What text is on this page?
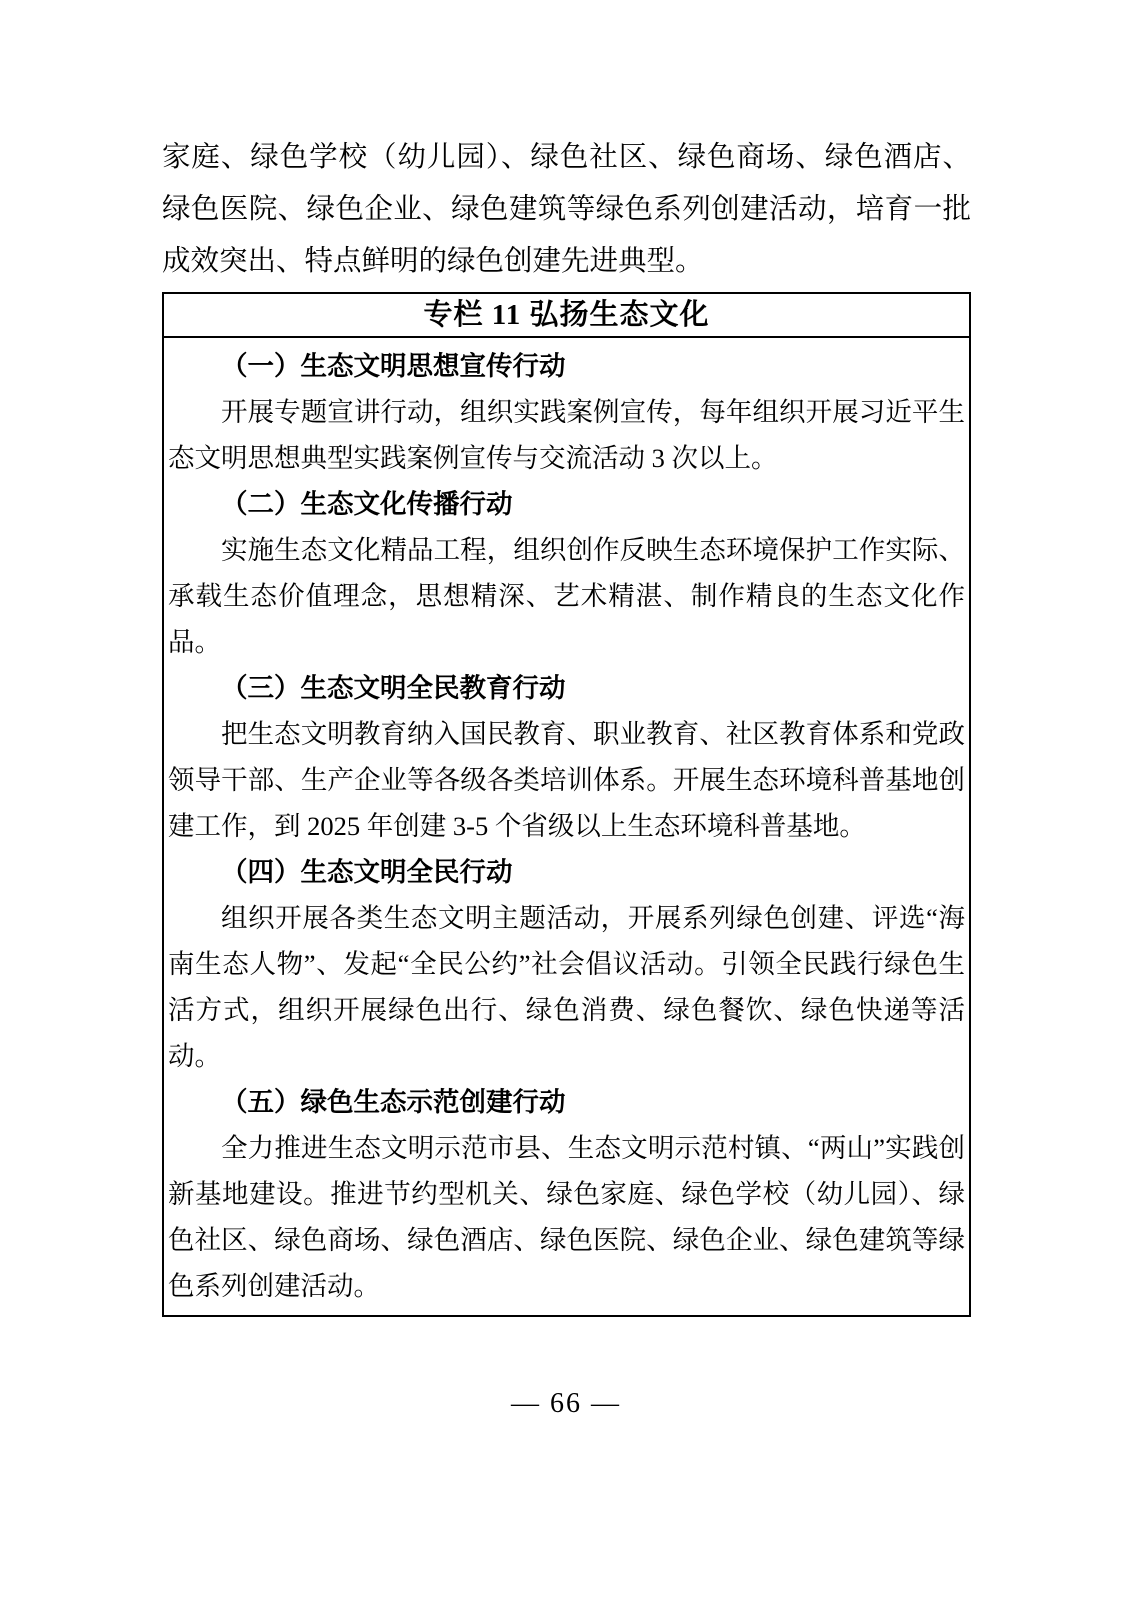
家庭、绿色学校（幼儿园）、绿色社区、绿色商场、绿色酒店、绿色医院、绿色企业、绿色建筑等绿色系列创建活动，培育一批成效突出、特点鲜明的绿色创建先进典型。

专栏 11 弘扬生态文化

（一）生态文明思想宣传行动

开展专题宣讲行动，组织实践案例宣传，每年组织开展习近平生态文明思想典型实践案例宣传与交流活动 3 次以上。

（二）生态文化传播行动

实施生态文化精品工程，组织创作反映生态环境保护工作实际、承载生态价值理念，思想精深、艺术精湛、制作精良的生态文化作品。

（三）生态文明全民教育行动

把生态文明教育纳入国民教育、职业教育、社区教育体系和党政领导干部、生产企业等各级各类培训体系。开展生态环境科普基地创建工作，到 2025 年创建 3-5 个省级以上生态环境科普基地。

（四）生态文明全民行动

组织开展各类生态文明主题活动，开展系列绿色创建、评选“海南生态人物”、发起“全民公约”社会倡议活动。引领全民践行绿色生活方式，组织开展绿色出行、绿色消费、绿色餐饮、绿色快递等活动。

（五）绿色生态示范创建行动

全力推进生态文明示范市县、生态文明示范村镇、“两山”实践创新基地建设。推进节约型机关、绿色家庭、绿色学校（幼儿园）、绿色社区、绿色商场、绿色酒店、绿色医院、绿色企业、绿色建筑等绿色系列创建活动。

— 66 —
